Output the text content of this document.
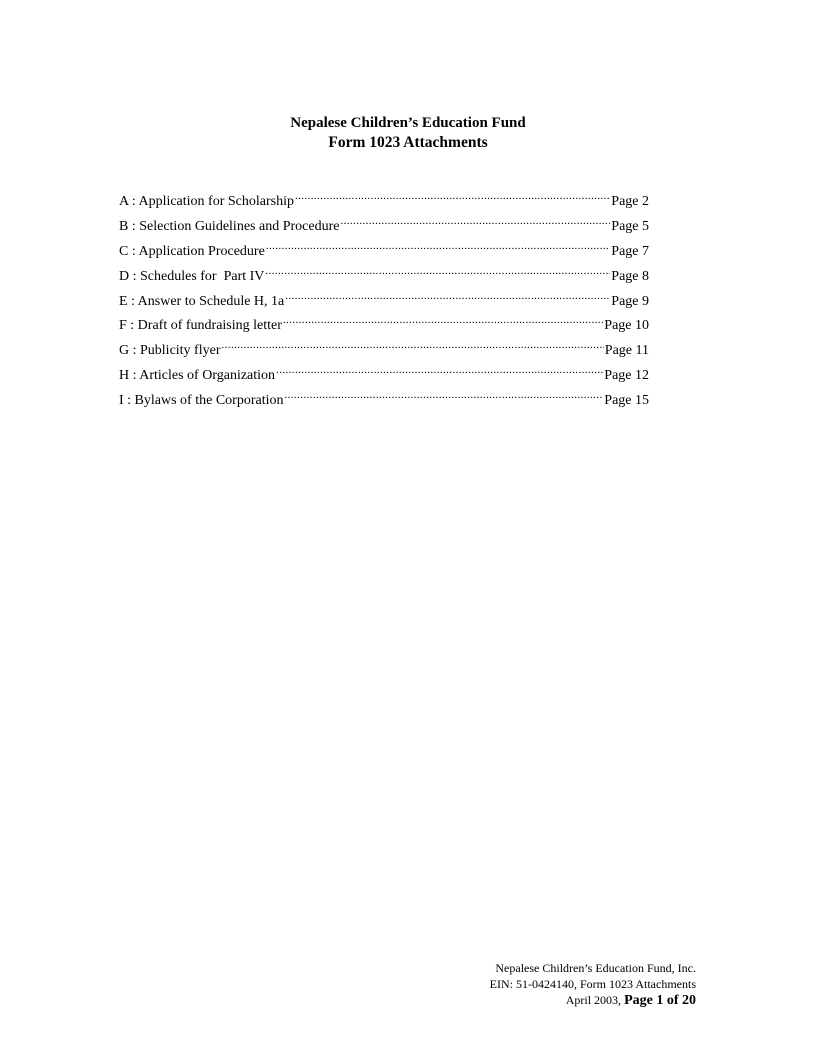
Nepalese Children’s Education Fund
Form 1023 Attachments
A : Application for Scholarship .....	Page 2
B : Selection Guidelines and Procedure .....	Page 5
C : Application Procedure .....	Page 7
D : Schedules for  Part IV .....	Page 8
E : Answer to Schedule H, 1a .....	Page 9
F : Draft of fundraising letter .....	Page 10
G : Publicity flyer .....	Page 11
H : Articles of Organization .....	Page 12
I : Bylaws of the Corporation .....	Page 15
Nepalese Children’s Education Fund, Inc.
EIN: 51-0424140, Form 1023 Attachments
April 2003, Page 1 of 20
